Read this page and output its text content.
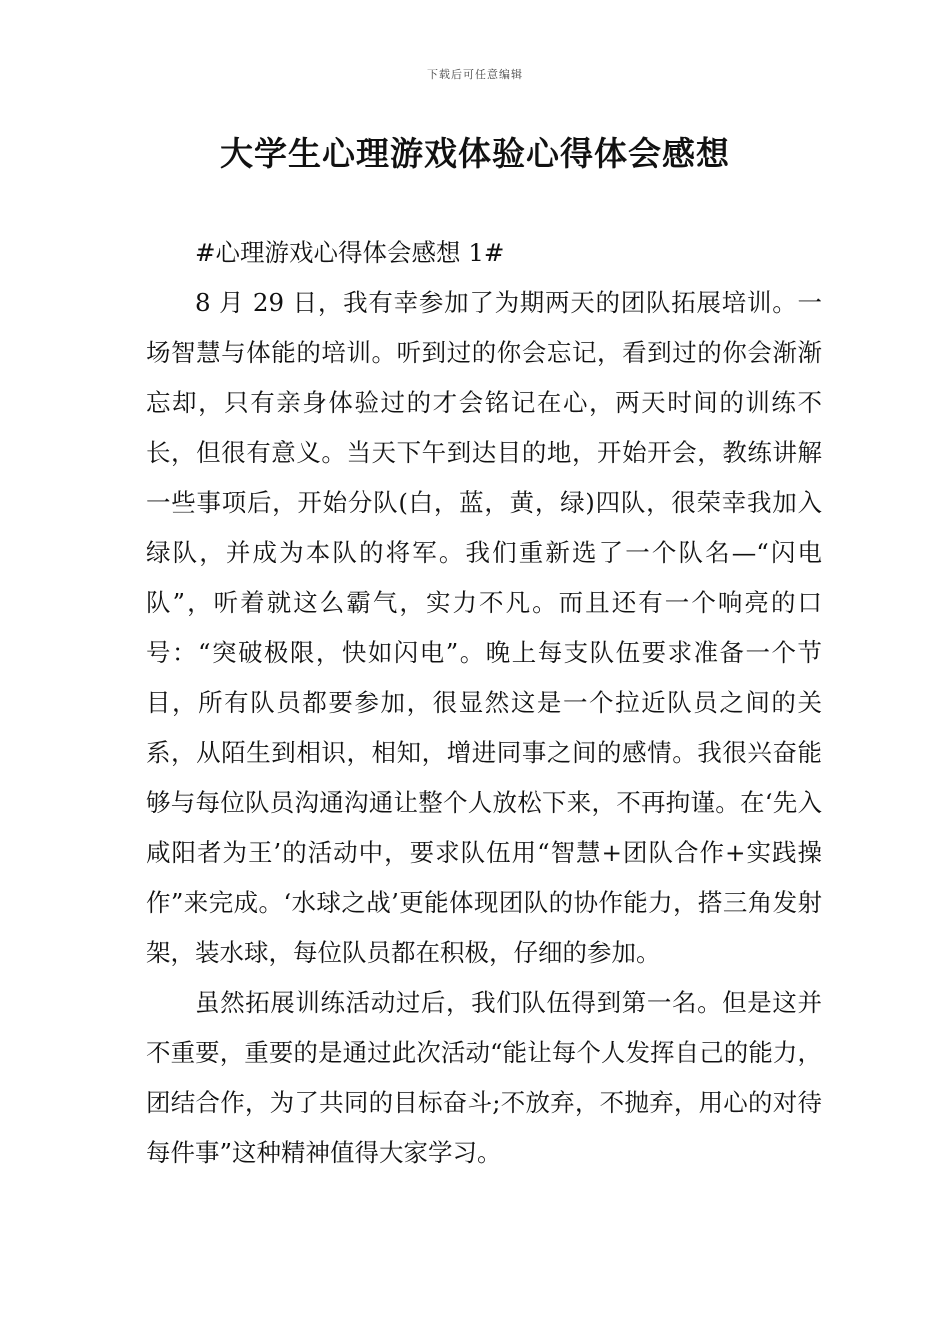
下载后可任意编辑
大学生心理游戏体验心得体会感想

#心理游戏心得体会感想 1#

8 月 29 日，我有幸参加了为期两天的团队拓展培训。一场智慧与体能的培训。听到过的你会忘记，看到过的你会渐渐忘却，只有亲身体验过的才会铭记在心，两天时间的训练不长，但很有意义。当天下午到达目的地，开始开会，教练讲解一些事项后，开始分队(白，蓝，黄，绿)四队，很荣幸我加入绿队，并成为本队的将军。我们重新选了一个队名—“闪电队”，听着就这么霸气，实力不凡。而且还有一个响亮的口号：“突破极限，快如闪电”。晚上每支队伍要求准备一个节目，所有队员都要参加，很显然这是一个拉近队员之间的关系，从陌生到相识，相知，增进同事之间的感情。我很兴奋能够与每位队员沟通沟通让整个人放松下来，不再拘谨。在‘先入咸阳者为王’的活动中，要求队伍用“智慧+团队合作+实践操作”来完成。‘水球之战’更能体现团队的协作能力，搭三角发射架，装水球，每位队员都在积极，仔细的参加。

虽然拓展训练活动过后，我们队伍得到第一名。但是这并不重要，重要的是通过此次活动“能让每个人发挥自己的能力，团结合作，为了共同的目标奋斗;不放弃，不抛弃，用心的对待每件事”这种精神值得大家学习。
